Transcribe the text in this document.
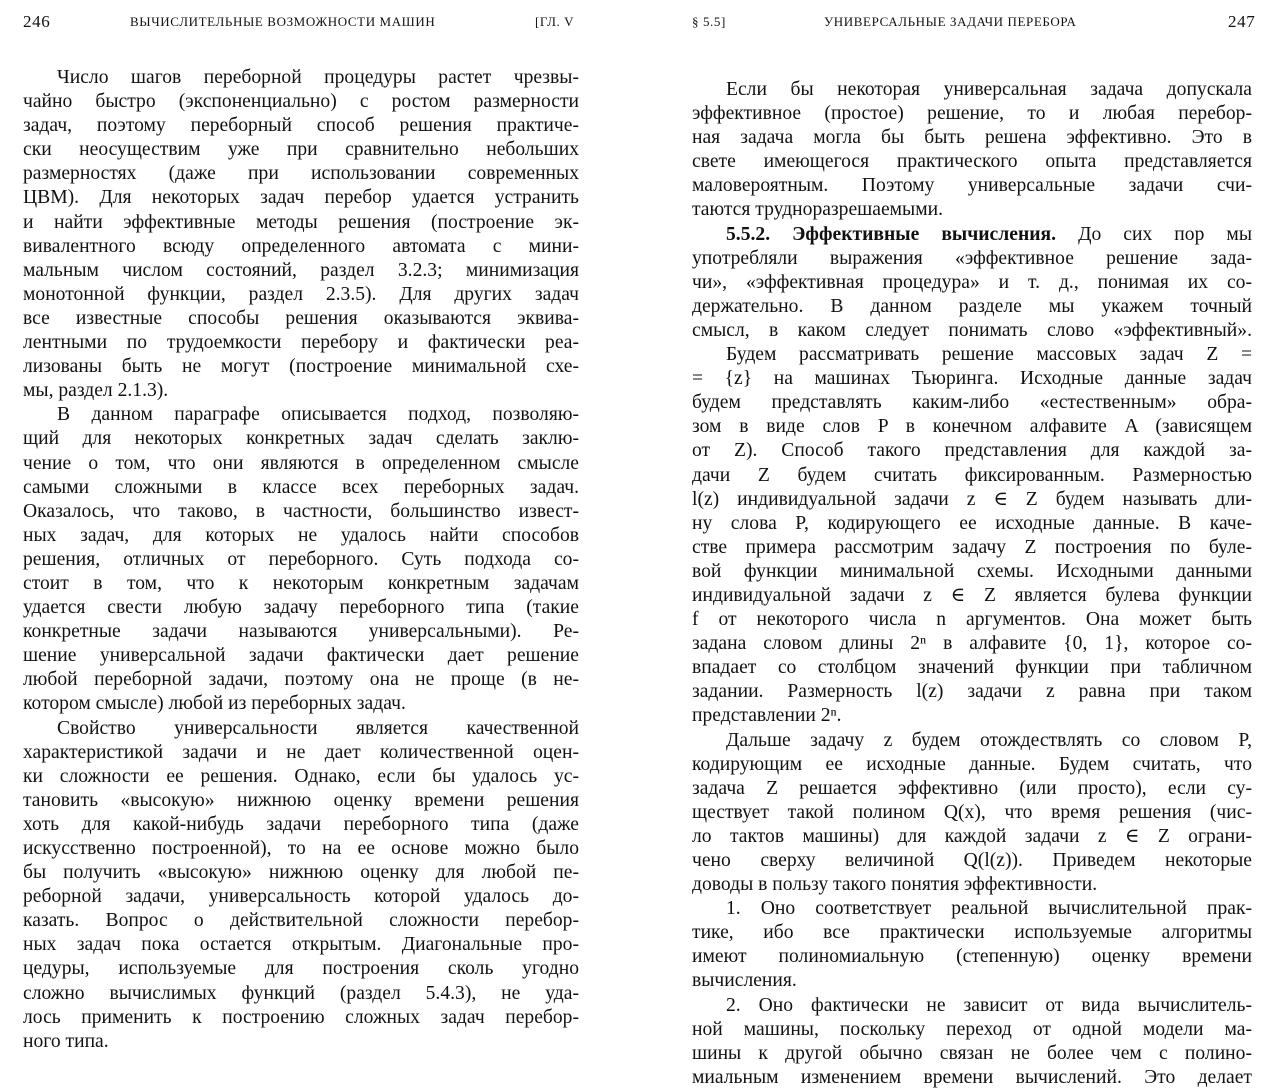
246	ВЫЧИСЛИТЕЛЬНЫЕ ВОЗМОЖНОСТИ МАШИН	[ГЛ. V
Число шагов переборной процедуры растет чрезвы-
чайно быстро (экспоненциально) с ростом размерности
задач, поэтому переборный способ решения практиче-
ски неосуществим уже при сравнительно небольших
размерностях (даже при использовании современных
ЦВМ). Для некоторых задач перебор удается устранить
и найти эффективные методы решения (построение эк-
вивалентного всюду определенного автомата с мини-
мальным числом состояний, раздел 3.2.3; минимизация
монотонной функции, раздел 2.3.5). Для других задач
все известные способы решения оказываются эквива-
лентными по трудоемкости перебору и фактически реа-
лизованы быть не могут (построение минимальной схе-
мы, раздел 2.1.3).
В данном параграфе описывается подход, позволяю-
щий для некоторых конкретных задач сделать заклю-
чение о том, что они являются в определенном смысле
самыми сложными в классе всех переборных задач.
Оказалось, что таково, в частности, большинство извест-
ных задач, для которых не удалось найти способов
решения, отличных от переборного. Суть подхода со-
стоит в том, что к некоторым конкретным задачам
удается свести любую задачу переборного типа (такие
конкретные задачи называются универсальными). Ре-
шение универсальной задачи фактически дает решение
любой переборной задачи, поэтому она не проще (в не-
котором смысле) любой из переборных задач.
Свойство универсальности является качественной
характеристикой задачи и не дает количественной оцен-
ки сложности ее решения. Однако, если бы удалось ус-
тановить «высокую» нижнюю оценку времени решения
хоть для какой-нибудь задачи переборного типа (даже
искусственно построенной), то на ее основе можно было
бы получить «высокую» нижнюю оценку для любой пе-
реборной задачи, универсальность которой удалось до-
казать. Вопрос о действительной сложности перебор-
ных задач пока остается открытым. Диагональные про-
цедуры, используемые для построения сколь угодно
сложно вычислимых функций (раздел 5.4.3), не уда-
лось применить к построению сложных задач перебор-
ного типа.
§ 5.5]	УНИВЕРСАЛЬНЫЕ ЗАДАЧИ ПЕРЕБОРА	247
Если бы некоторая универсальная задача допускала
эффективное (простое) решение, то и любая перебор-
ная задача могла бы быть решена эффективно. Это в
свете имеющегося практического опыта представляется
маловероятным. Поэтому универсальные задачи счи-
таются трудноразрешаемыми.
5.5.2. Эффективные вычисления. До сих пор мы
употребляли выражения «эффективное решение зада-
чи», «эффективная процедура» и т. д., понимая их со-
держательно. В данном разделе мы укажем точный
смысл, в каком следует понимать слово «эффективный».
Будем рассматривать решение массовых задач Z =
= {z} на машинах Тьюринга. Исходные данные задач
будем представлять каким-либо «естественным» обра-
зом в виде слов P в конечном алфавите A (зависящем
от Z). Способ такого представления для каждой за-
дачи Z будем считать фиксированным. Размерностью
l(z) индивидуальной задачи z ∈ Z будем называть дли-
ну слова P, кодирующего ее исходные данные. В каче-
стве примера рассмотрим задачу Z построения по буле-
вой функции минимальной схемы. Исходными данными
индивидуальной задачи z ∈ Z является булева функции
f от некоторого числа n аргументов. Она может быть
задана словом длины 2ⁿ в алфавите {0, 1}, которое со-
впадает со столбцом значений функции при табличном
задании. Размерность l(z) задачи z равна при таком
представлении 2ⁿ.
Дальше задачу z будем отождествлять со словом P,
кодирующим ее исходные данные. Будем считать, что
задача Z решается эффективно (или просто), если су-
ществует такой полином Q(x), что время решения (чис-
ло тактов машины) для каждой задачи z ∈ Z ограни-
чено сверху величиной Q(l(z)). Приведем некоторые
доводы в пользу такого понятия эффективности.
1. Оно соответствует реальной вычислительной прак-
тике, ибо все практически используемые алгоритмы
имеют полиномиальную (степенную) оценку времени
вычисления.
2. Оно фактически не зависит от вида вычислитель-
ной машины, поскольку переход от одной модели ма-
шины к другой обычно связан не более чем с полино-
миальным изменением времени вычислений. Это делает
